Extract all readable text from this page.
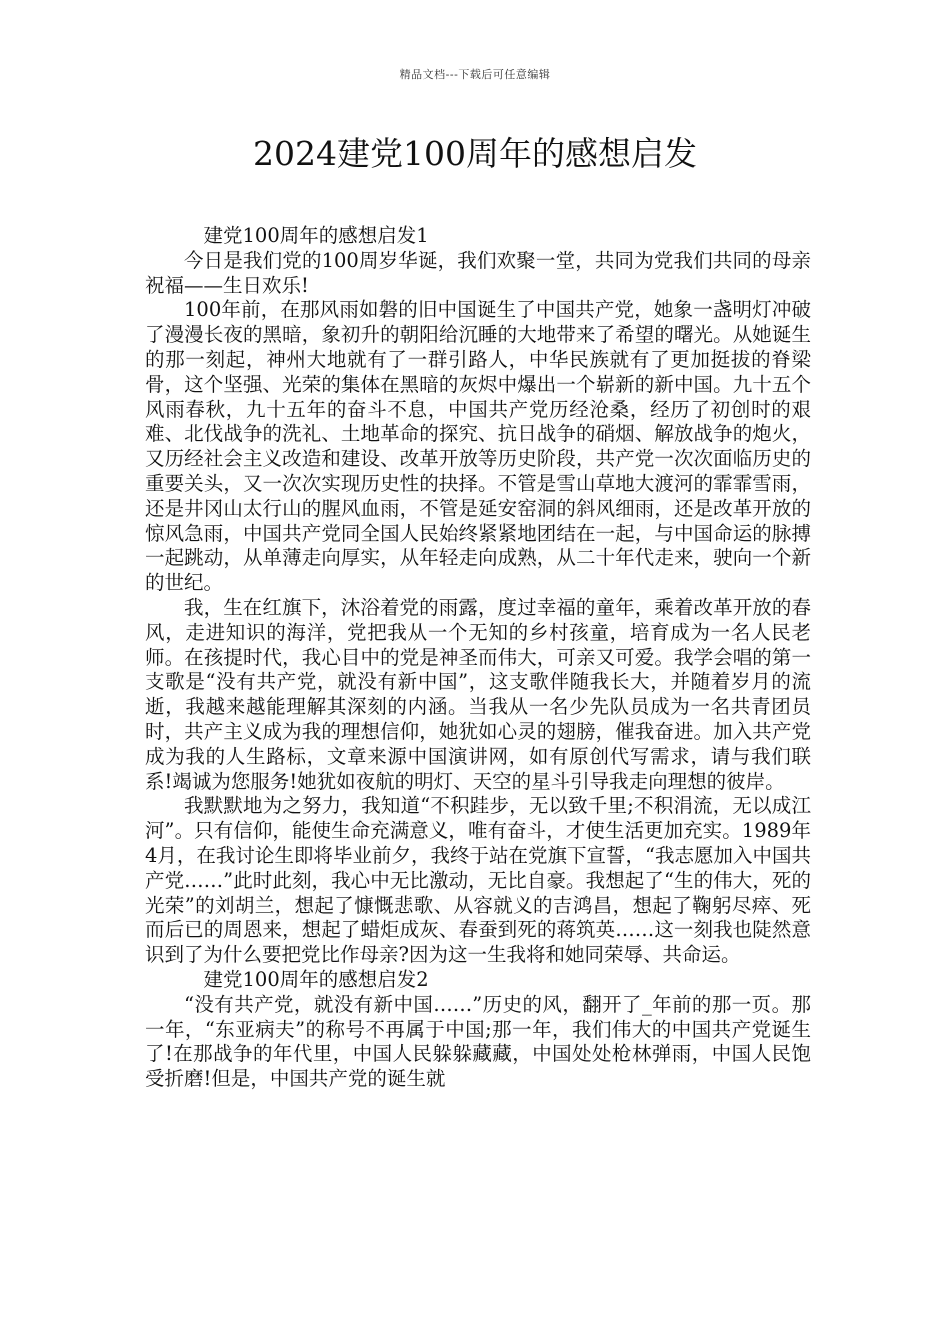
精品文档---下载后可任意编辑
2024建党100周年的感想启发

建党100周年的感想启发1

今日是我们党的100周岁华诞，我们欢聚一堂，共同为党我们共同的母亲祝福——生日欢乐!

100年前，在那风雨如磐的旧中国诞生了中国共产党，她象一盏明灯冲破了漫漫长夜的黑暗，象初升的朝阳给沉睡的大地带来了希望的曙光。从她诞生的那一刻起，神州大地就有了一群引路人，中华民族就有了更加挺拔的脊梁骨，这个坚强、光荣的集体在黑暗的灰烬中爆出一个崭新的新中国。九十五个风雨春秋，九十五年的奋斗不息，中国共产党历经沧桑，经历了初创时的艰难、北伐战争的洗礼、土地革命的探究、抗日战争的硝烟、解放战争的炮火，又历经社会主义改造和建设、改革开放等历史阶段，共产党一次次面临历史的重要关头，又一次次实现历史性的抉择。不管是雪山草地大渡河的霏霏雪雨，还是井冈山太行山的腥风血雨，不管是延安窑洞的斜风细雨，还是改革开放的惊风急雨，中国共产党同全国人民始终紧紧地团结在一起，与中国命运的脉搏一起跳动，从单薄走向厚实，从年轻走向成熟，从二十年代走来，驶向一个新的世纪。

我，生在红旗下，沐浴着党的雨露，度过幸福的童年，乘着改革开放的春风，走进知识的海洋，党把我从一个无知的乡村孩童，培育成为一名人民老师。在孩提时代，我心目中的党是神圣而伟大，可亲又可爱。我学会唱的第一支歌是“没有共产党，就没有新中国”，这支歌伴随我长大，并随着岁月的流逝，我越来越能理解其深刻的内涵。当我从一名少先队员成为一名共青团员时，共产主义成为我的理想信仰，她犹如心灵的翅膀，催我奋进。加入共产党成为我的人生路标，文章来源中国演讲网，如有原创代写需求，请与我们联系!竭诚为您服务!她犹如夜航的明灯、天空的星斗引导我走向理想的彼岸。

我默默地为之努力，我知道“不积跬步，无以致千里;不积涓流，无以成江河”。只有信仰，能使生命充满意义，唯有奋斗，才使生活更加充实。1989年4月，在我讨论生即将毕业前夕，我终于站在党旗下宣誓，“我志愿加入中国共产党……”此时此刻，我心中无比激动，无比自豪。我想起了“生的伟大，死的光荣”的刘胡兰，想起了慷慨悲歌、从容就义的吉鸿昌，想起了鞠躬尽瘁、死而后已的周恩来，想起了蜡炬成灰、春蚕到死的蒋筑英……这一刻我也陡然意识到了为什么要把党比作母亲?因为这一生我将和她同荣辱、共命运。

建党100周年的感想启发2

“没有共产党，就没有新中国……”历史的风，翻开了_年前的那一页。那一年，“东亚病夫”的称号不再属于中国;那一年，我们伟大的中国共产党诞生了!在那战争的年代里，中国人民躲躲藏藏，中国处处枪林弹雨，中国人民饱受折磨!但是，中国共产党的诞生就
